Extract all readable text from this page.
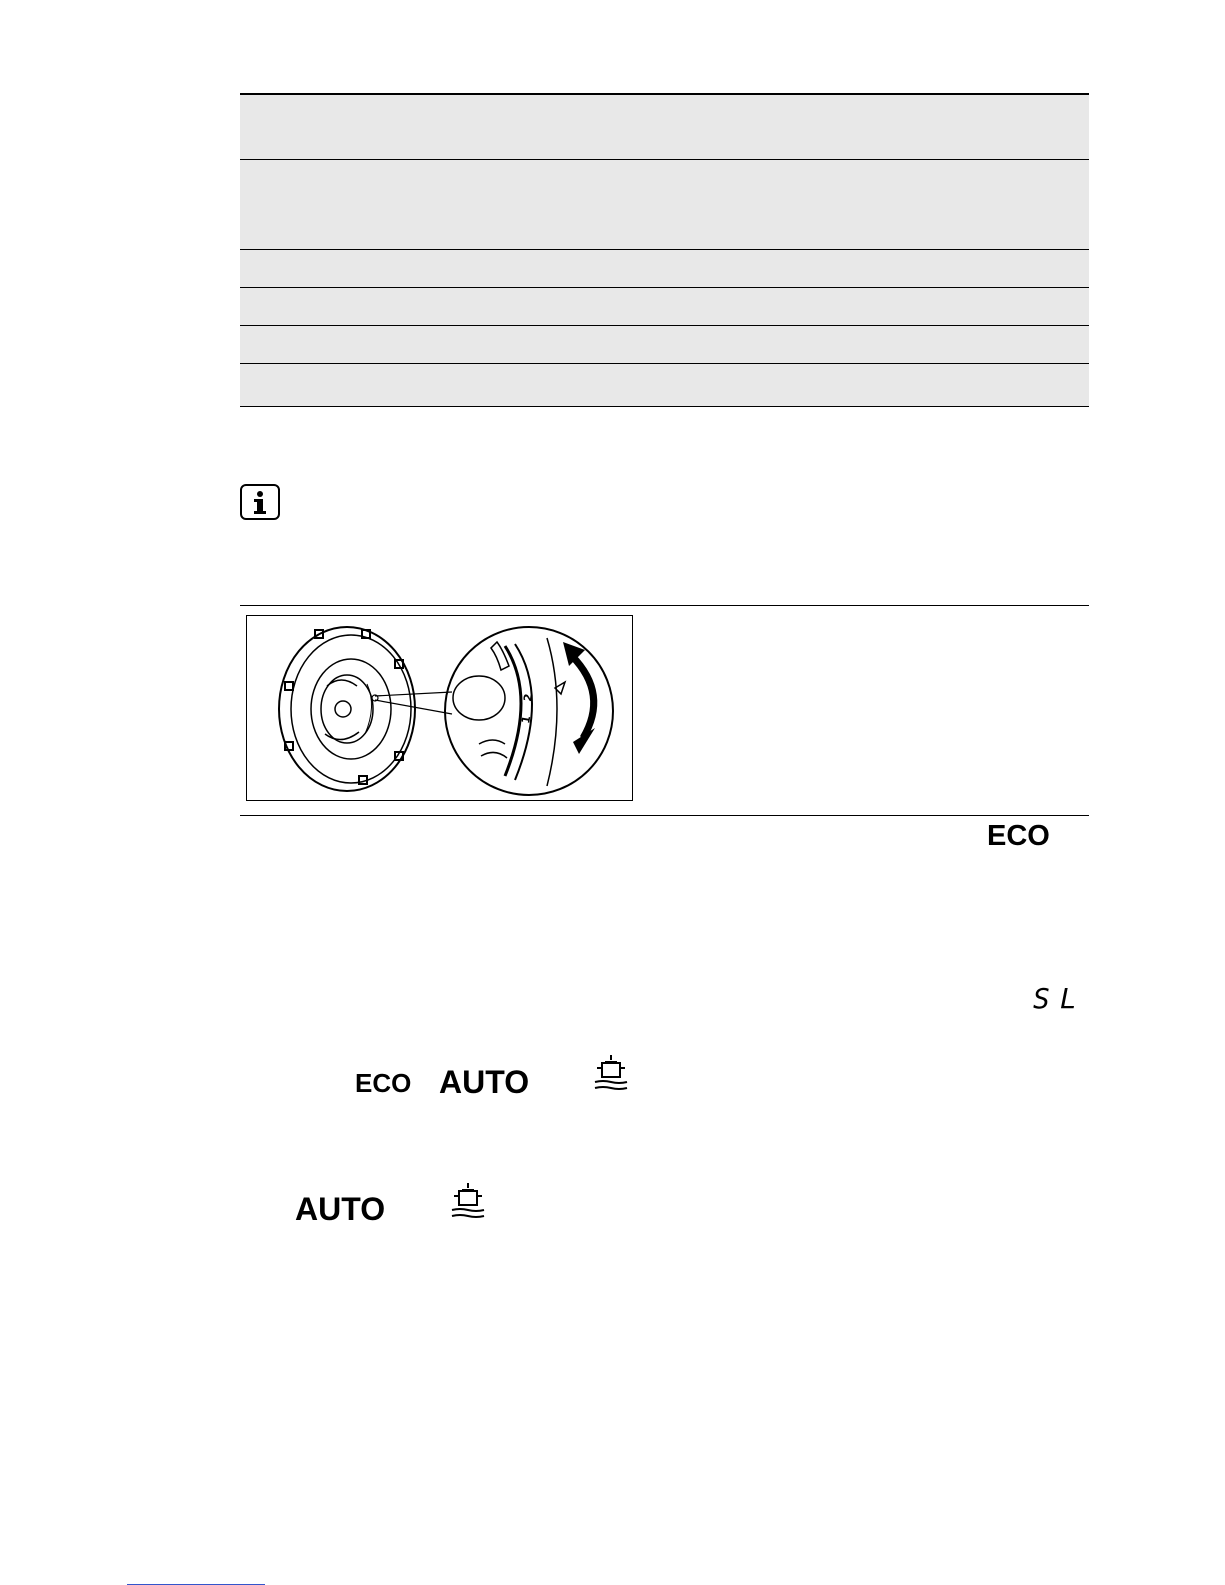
2
1
ECO
SL
ECO AUTO
AUTO
